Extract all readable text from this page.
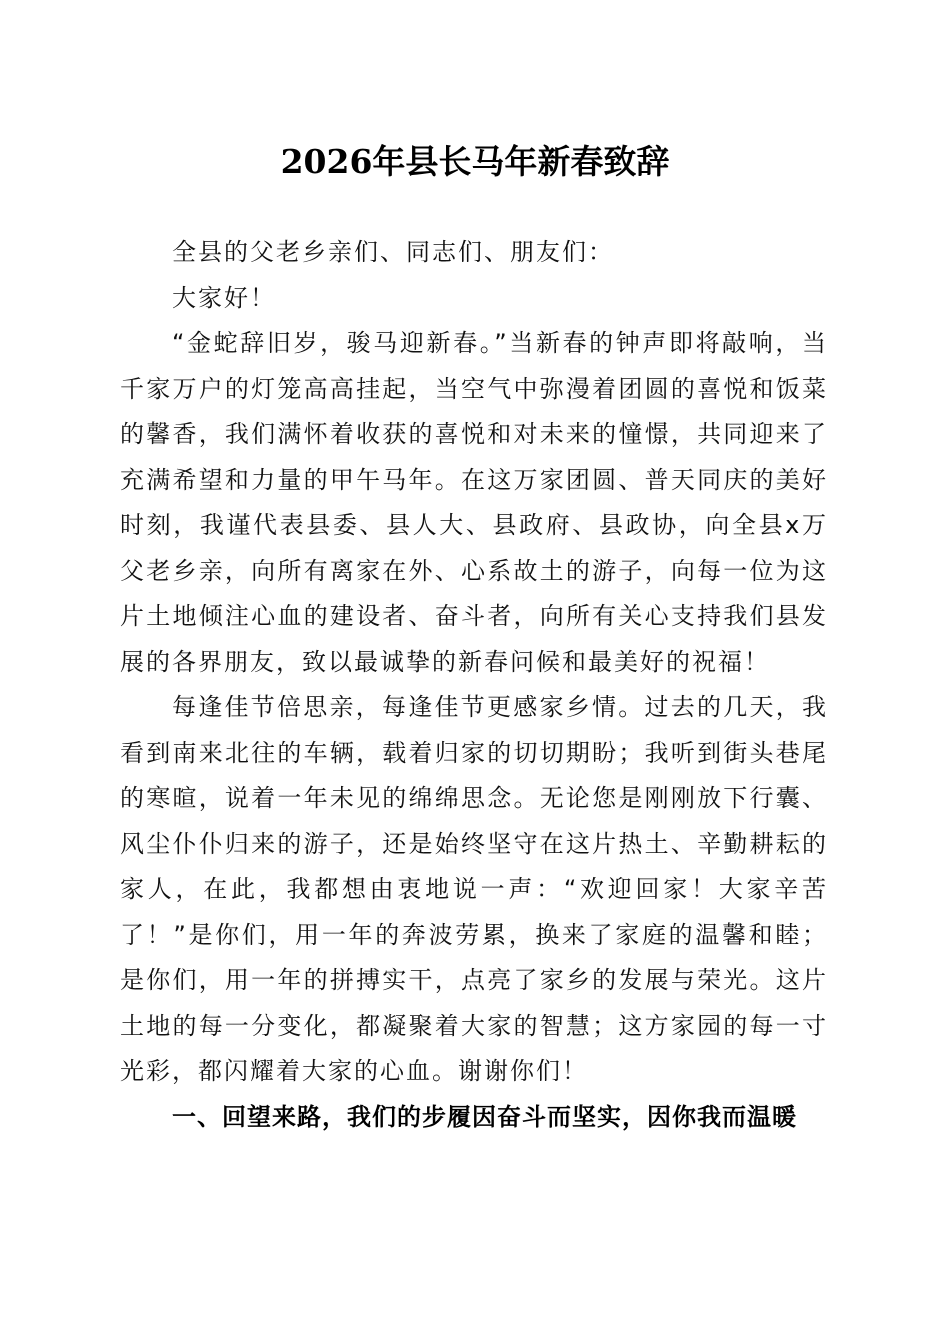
2026年县长马年新春致辞

全县的父老乡亲们、同志们、朋友们：

大家好！

“金蛇辞旧岁，骏马迎新春。”当新春的钟声即将敲响，当千家万户的灯笼高高挂起，当空气中弥漫着团圆的喜悦和饭菜的馨香，我们满怀着收获的喜悦和对未来的憧憬，共同迎来了充满希望和力量的甲午马年。在这万家团圆、普天同庆的美好时刻，我谨代表县委、县人大、县政府、县政协，向全县x万父老乡亲，向所有离家在外、心系故土的游子，向每一位为这片土地倾注心血的建设者、奋斗者，向所有关心支持我们县发展的各界朋友，致以最诚挚的新春问候和最美好的祝福！

每逢佳节倍思亲，每逢佳节更感家乡情。过去的几天，我看到南来北往的车辆，载着归家的切切期盼；我听到街头巷尾的寒暄，说着一年未见的绵绵思念。无论您是刚刚放下行囊、风尘仆仆归来的游子，还是始终坚守在这片热土、辛勤耕耘的家人，在此，我都想由衷地说一声：“欢迎回家！大家辛苦了！”是你们，用一年的奔波劳累，换来了家庭的温馨和睦；是你们，用一年的拼搏实干，点亮了家乡的发展与荣光。这片土地的每一分变化，都凝聚着大家的智慧；这方家园的每一寸光彩，都闪耀着大家的心血。谢谢你们！

一、回望来路，我们的步履因奋斗而坚实，因你我而温暖
